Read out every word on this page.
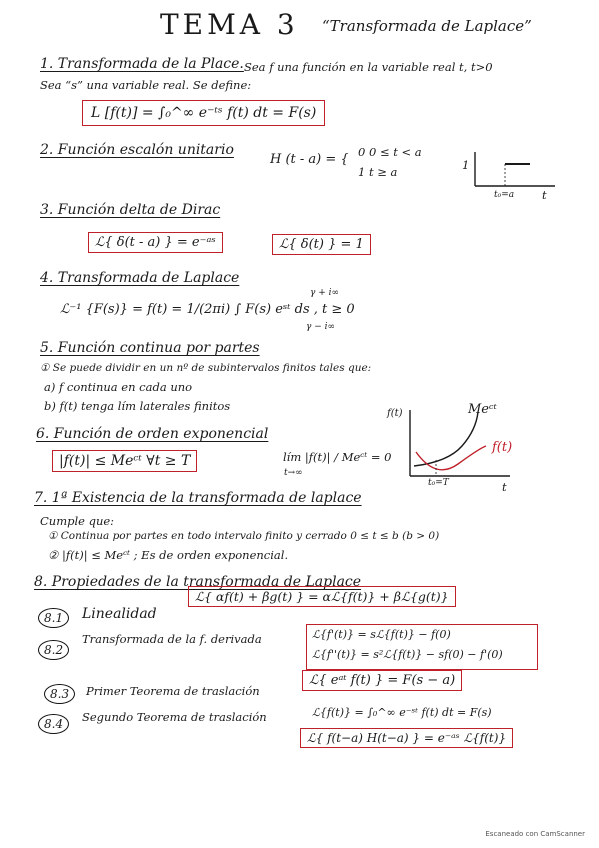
TEMA 3 “Transformada de Laplace”
1. Transformada de la Place. Sea f una función en la variable real t, t>0
Sea “s” una variable real. Se define:
L [f(t)] = ∫₀^∞ e⁻ᵗˢ f(t) dt = F(s)
2. Función escalón unitario
H (t - a) = { 0 0 ≤ t < a
1 t ≥ a	1
t₀=a t
3. Función delta de Dirac
ℒ{ δ(t - a) } = e⁻ᵃˢ	ℒ{ δ(t) } = 1
4. Transformada de Laplace
γ + i∞
ℒ⁻¹ {F(s)} = f(t) = 1/(2πi) ∫ F(s) eˢᵗ ds , t ≥ 0
γ − i∞
5. Función continua por partes
① Se puede dividir en un nº de subintervalos finitos tales que:
a) f continua en cada uno
b) f(t) tenga lím laterales finitos
6. Función de orden exponencial
|f(t)| ≤ Meᶜᵗ ∀t ≥ T	lím |f(t)| / Meᶜᵗ = 0
t→∞
f(t)	Meᶜᵗ
f(t)
t₀=T	t
7. 1ª Existencia de la transformada de laplace
Cumple que:
① Continua por partes en todo intervalo finito y cerrado 0 ≤ t ≤ b (b > 0)
② |f(t)| ≤ Meᶜᵗ ; Es de orden exponencial.
8. Propiedades de la transformada de Laplace
8.1	Linealidad
ℒ{ αf(t) + βg(t) } = αℒ{f(t)} + βℒ{g(t)}
8.2
Transformada de la f. derivada	ℒ{f'(t)} = sℒ{f(t)} − f(0)
ℒ{f''(t)} = s²ℒ{f(t)} − sf(0) − f'(0)
8.3	Primer Teorema de traslación
ℒ{ eᵃᵗ f(t) } = F(s − a)
8.4	Segundo Teorema de traslación	ℒ{f(t)} = ∫₀^∞ e⁻ˢᵗ f(t) dt = F(s)
ℒ{ f(t−a) H(t−a) } = e⁻ᵃˢ ℒ{f(t)}
Escaneado con CamScanner
